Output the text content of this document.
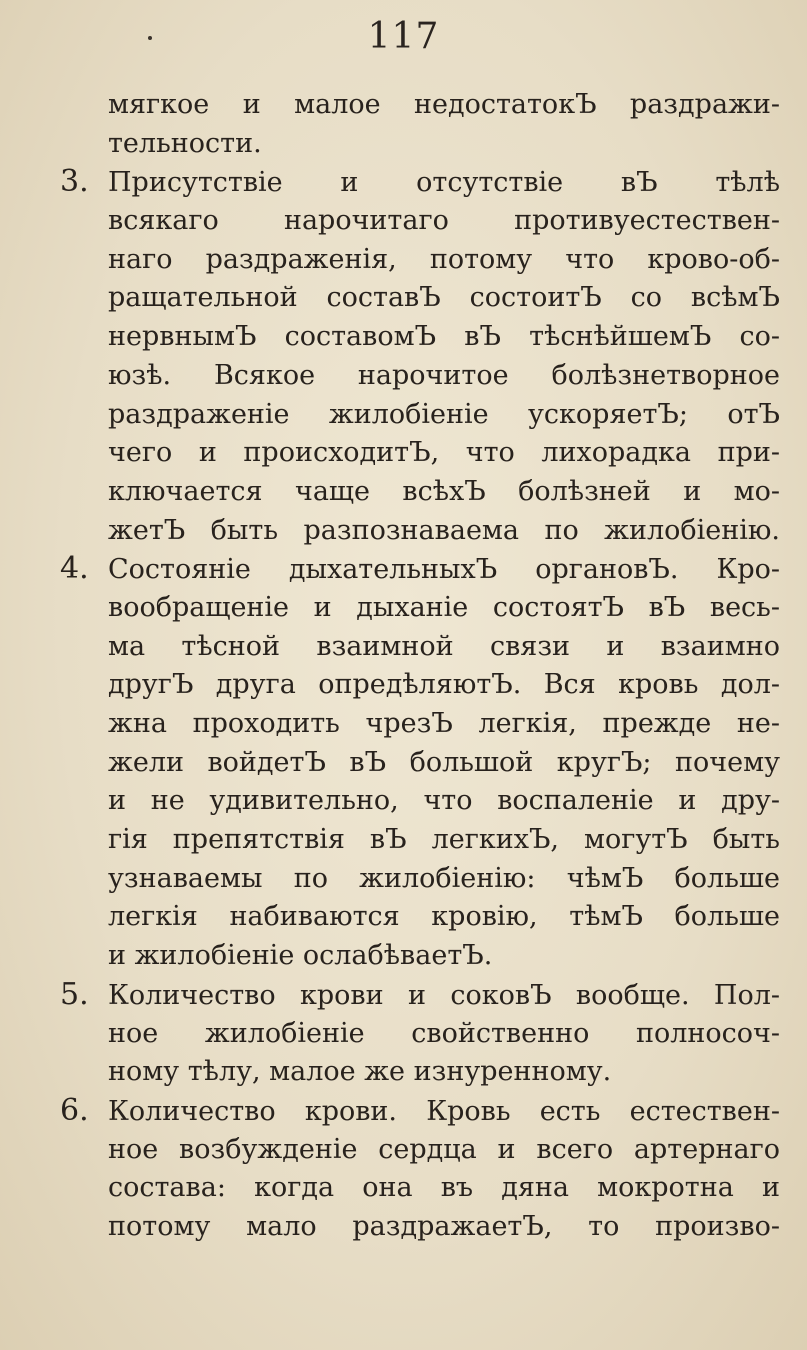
117
мягкое и малое недостатокЪ раздражи-
тельности.
3. Присутствіе и отсутствіе вЪ тѣлѣ
всякаго нарочитаго противуестествен-
наго раздраженія, потому что крово-об-
ращательной составЪ состоитЪ со всѣмЪ
нервнымЪ составомЪ вЪ тѣснѣйшемЪ со-
юзѣ. Всякое нарочитое болѣзнетворное
раздраженіе жилобіеніе ускоряетЪ; отЪ
чего и происходитЪ, что лихорадка при-
ключается чаще всѣхЪ болѣзней и мо-
жетЪ быть разпознаваема по жилобіенію.
4. Состояніе дыхательныхЪ органовЪ. Кро-
вообращеніе и дыханіе состоятЪ вЪ весь-
ма тѣсной взаимной связи и взаимно
другЪ друга опредѣляютЪ. Вся кровь дол-
жна проходить чрезЪ легкія, прежде не-
жели войдетЪ вЪ большой кругЪ; почему
и не удивительно, что воспаленіе и дру-
гія препятствія вЪ легкихЪ, могутЪ быть
узнаваемы по жилобіенію: чѣмЪ больше
легкія набиваются кровію, тѣмЪ больше
и жилобіеніе ослабѣваетЪ.
5. Количество крови и соковЪ вообще. Пол-
ное жилобіеніе свойственно полносоч-
ному тѣлу, малое же изнуренному.
6. Количество крови. Кровь есть естествен-
ное возбужденіе сердца и всего артернаго
состава: когда она въ дяна мокротна и
потому мало раздражаетЪ, то произво-
